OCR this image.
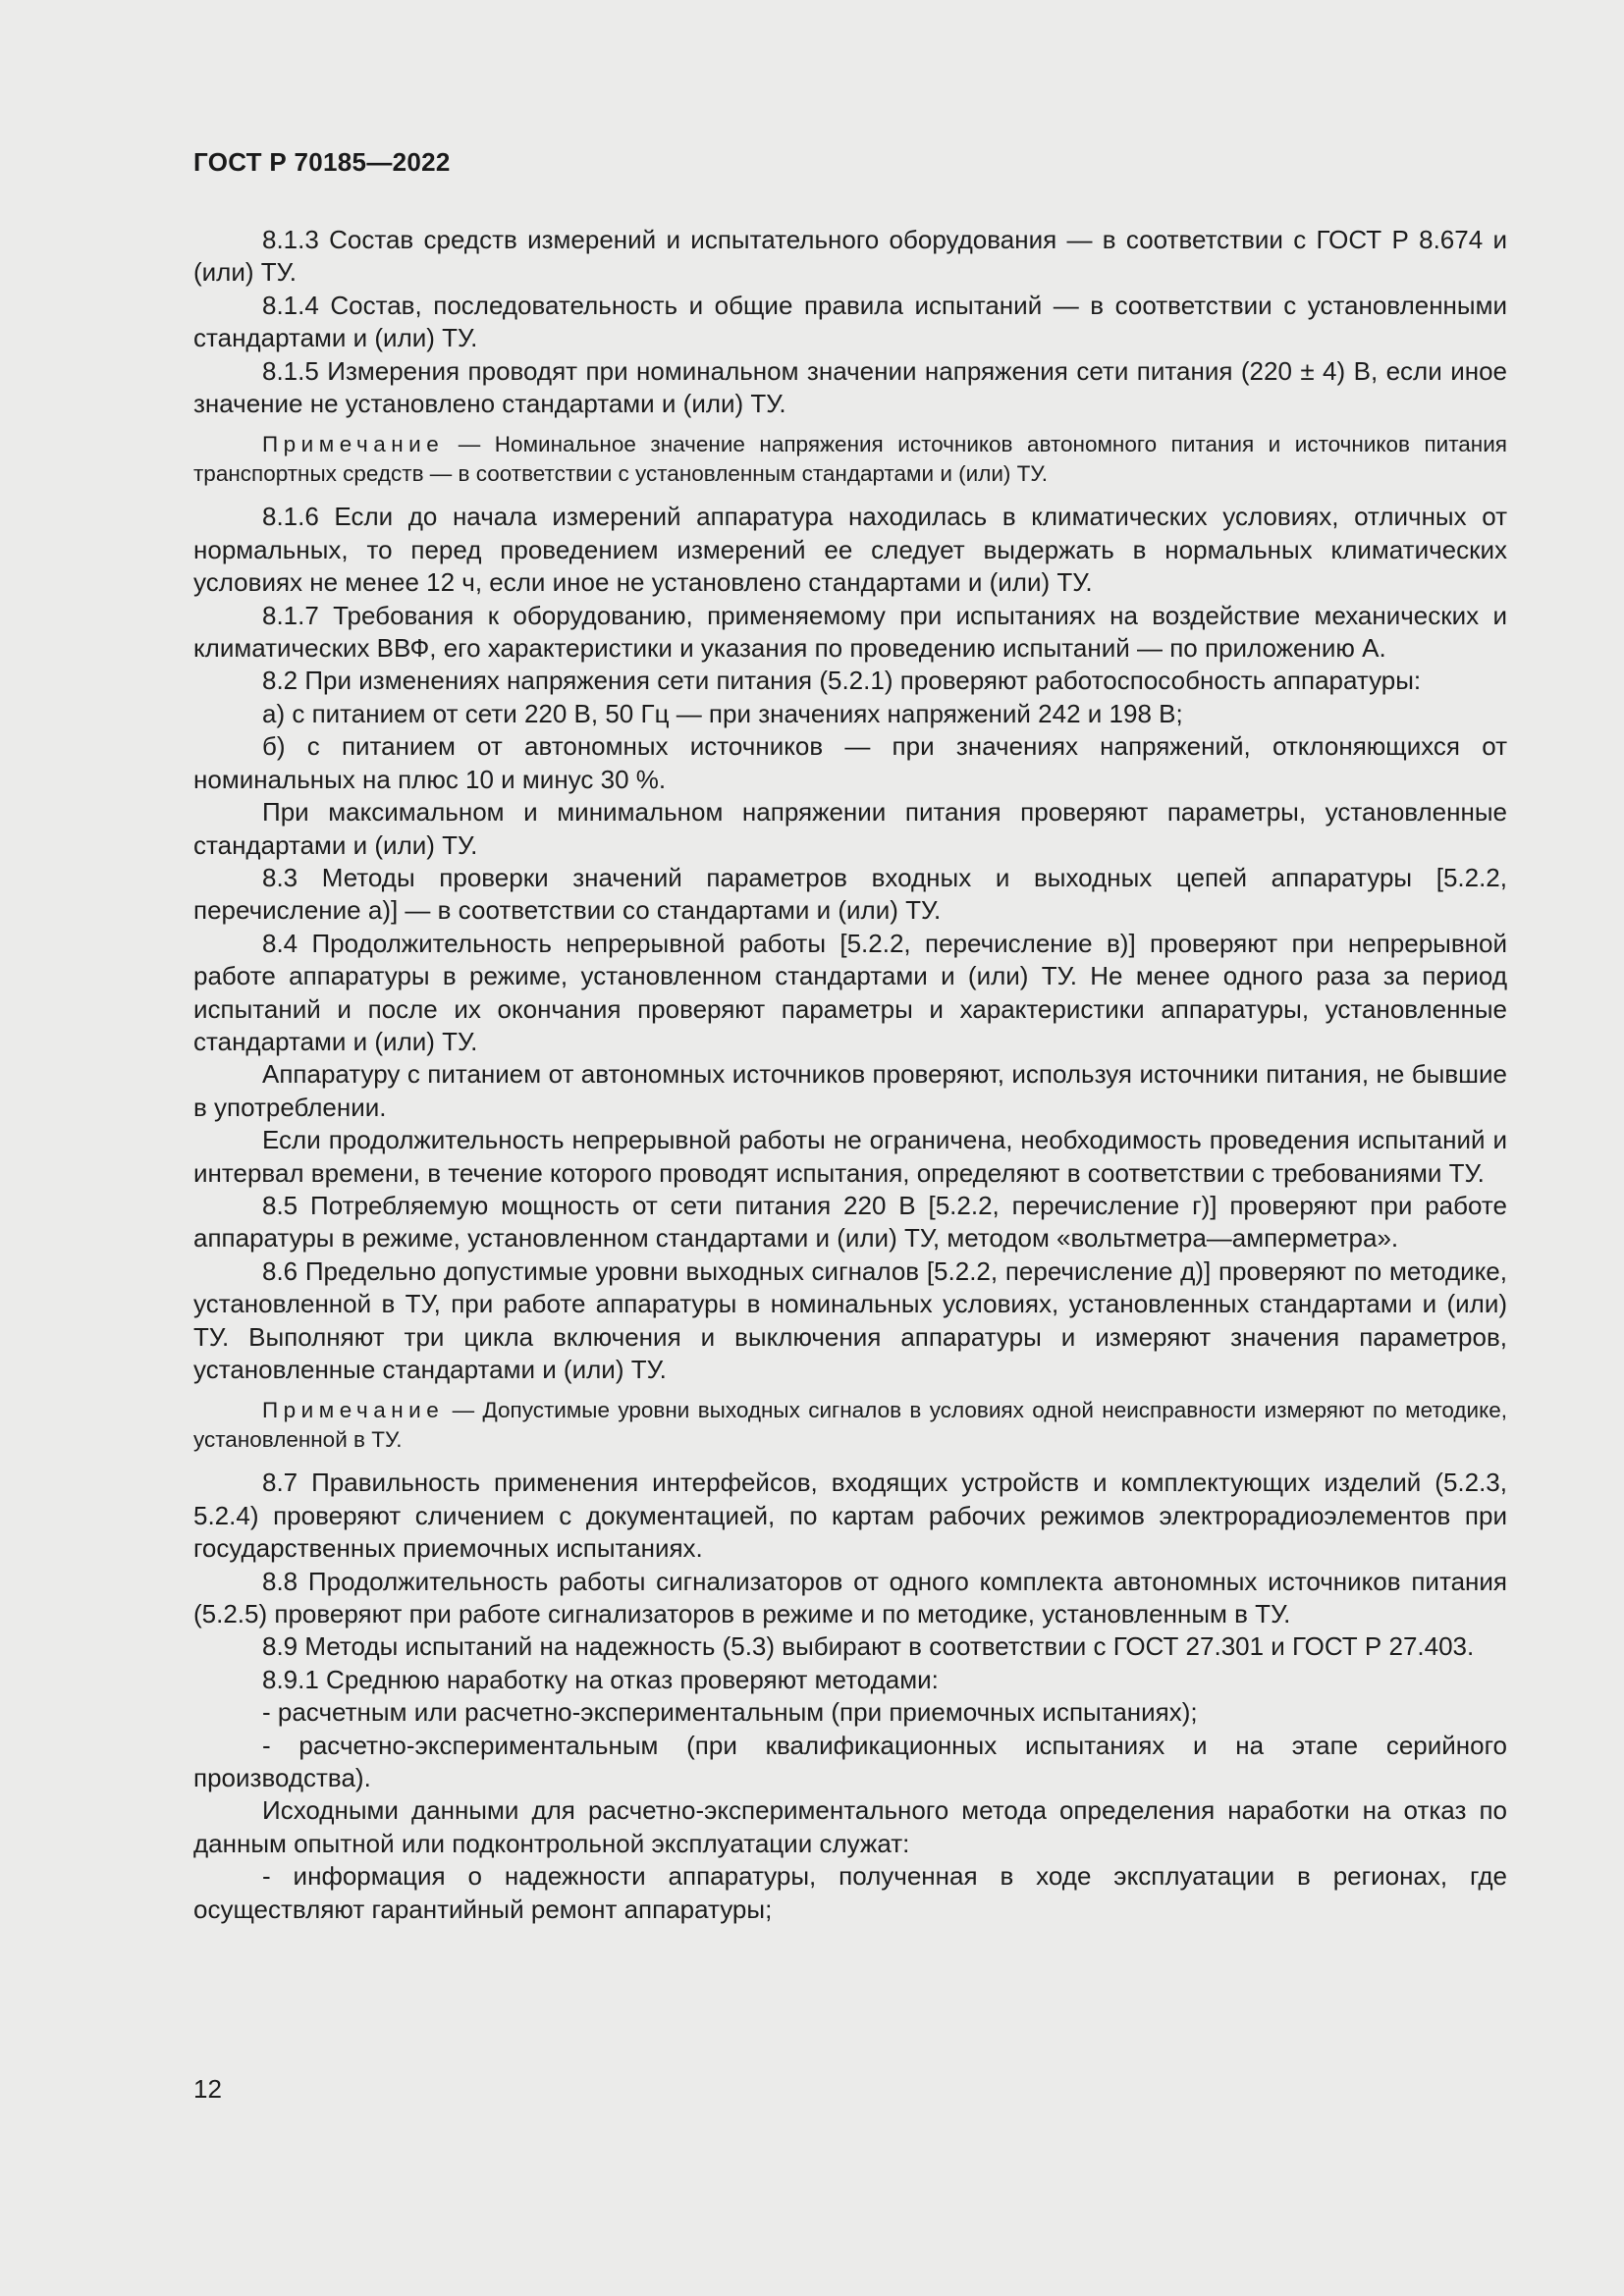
ГОСТ Р 70185—2022

8.1.3 Состав средств измерений и испытательного оборудования — в соответствии с ГОСТ Р 8.674 и (или) ТУ.

8.1.4 Состав, последовательность и общие правила испытаний — в соответствии с установленными стандартами и (или) ТУ.

8.1.5 Измерения проводят при номинальном значении напряжения сети питания (220 ± 4) В, если иное значение не установлено стандартами и (или) ТУ.

Примечание — Номинальное значение напряжения источников автономного питания и источников питания транспортных средств — в соответствии с установленным стандартами и (или) ТУ.

8.1.6 Если до начала измерений аппаратура находилась в климатических условиях, отличных от нормальных, то перед проведением измерений ее следует выдержать в нормальных климатических условиях не менее 12 ч, если иное не установлено стандартами и (или) ТУ.

8.1.7 Требования к оборудованию, применяемому при испытаниях на воздействие механических и климатических ВВФ, его характеристики и указания по проведению испытаний — по приложению А.

8.2 При изменениях напряжения сети питания (5.2.1) проверяют работоспособность аппаратуры:

а) с питанием от сети 220 В, 50 Гц — при значениях напряжений 242 и 198 В;

б) с питанием от автономных источников — при значениях напряжений, отклоняющихся от номинальных на плюс 10 и минус 30 %.

При максимальном и минимальном напряжении питания проверяют параметры, установленные стандартами и (или) ТУ.

8.3 Методы проверки значений параметров входных и выходных цепей аппаратуры [5.2.2, перечисление а)] — в соответствии со стандартами и (или) ТУ.

8.4 Продолжительность непрерывной работы [5.2.2, перечисление в)] проверяют при непрерывной работе аппаратуры в режиме, установленном стандартами и (или) ТУ. Не менее одного раза за период испытаний и после их окончания проверяют параметры и характеристики аппаратуры, установленные стандартами и (или) ТУ.

Аппаратуру с питанием от автономных источников проверяют, используя источники питания, не бывшие в употреблении.

Если продолжительность непрерывной работы не ограничена, необходимость проведения испытаний и интервал времени, в течение которого проводят испытания, определяют в соответствии с требованиями ТУ.

8.5 Потребляемую мощность от сети питания 220 В [5.2.2, перечисление г)] проверяют при работе аппаратуры в режиме, установленном стандартами и (или) ТУ, методом «вольтметра—амперметра».

8.6 Предельно допустимые уровни выходных сигналов [5.2.2, перечисление д)] проверяют по методике, установленной в ТУ, при работе аппаратуры в номинальных условиях, установленных стандартами и (или) ТУ. Выполняют три цикла включения и выключения аппаратуры и измеряют значения параметров, установленные стандартами и (или) ТУ.

Примечание — Допустимые уровни выходных сигналов в условиях одной неисправности измеряют по методике, установленной в ТУ.

8.7 Правильность применения интерфейсов, входящих устройств и комплектующих изделий (5.2.3, 5.2.4) проверяют сличением с документацией, по картам рабочих режимов электрорадиоэлементов при государственных приемочных испытаниях.

8.8 Продолжительность работы сигнализаторов от одного комплекта автономных источников питания (5.2.5) проверяют при работе сигнализаторов в режиме и по методике, установленным в ТУ.

8.9 Методы испытаний на надежность (5.3) выбирают в соответствии с ГОСТ 27.301 и ГОСТ Р 27.403.

8.9.1 Среднюю наработку на отказ проверяют методами:

- расчетным или расчетно-экспериментальным (при приемочных испытаниях);

- расчетно-экспериментальным (при квалификационных испытаниях и на этапе серийного производства).

Исходными данными для расчетно-экспериментального метода определения наработки на отказ по данным опытной или подконтрольной эксплуатации служат:

- информация о надежности аппаратуры, полученная в ходе эксплуатации в регионах, где осуществляют гарантийный ремонт аппаратуры;

12
